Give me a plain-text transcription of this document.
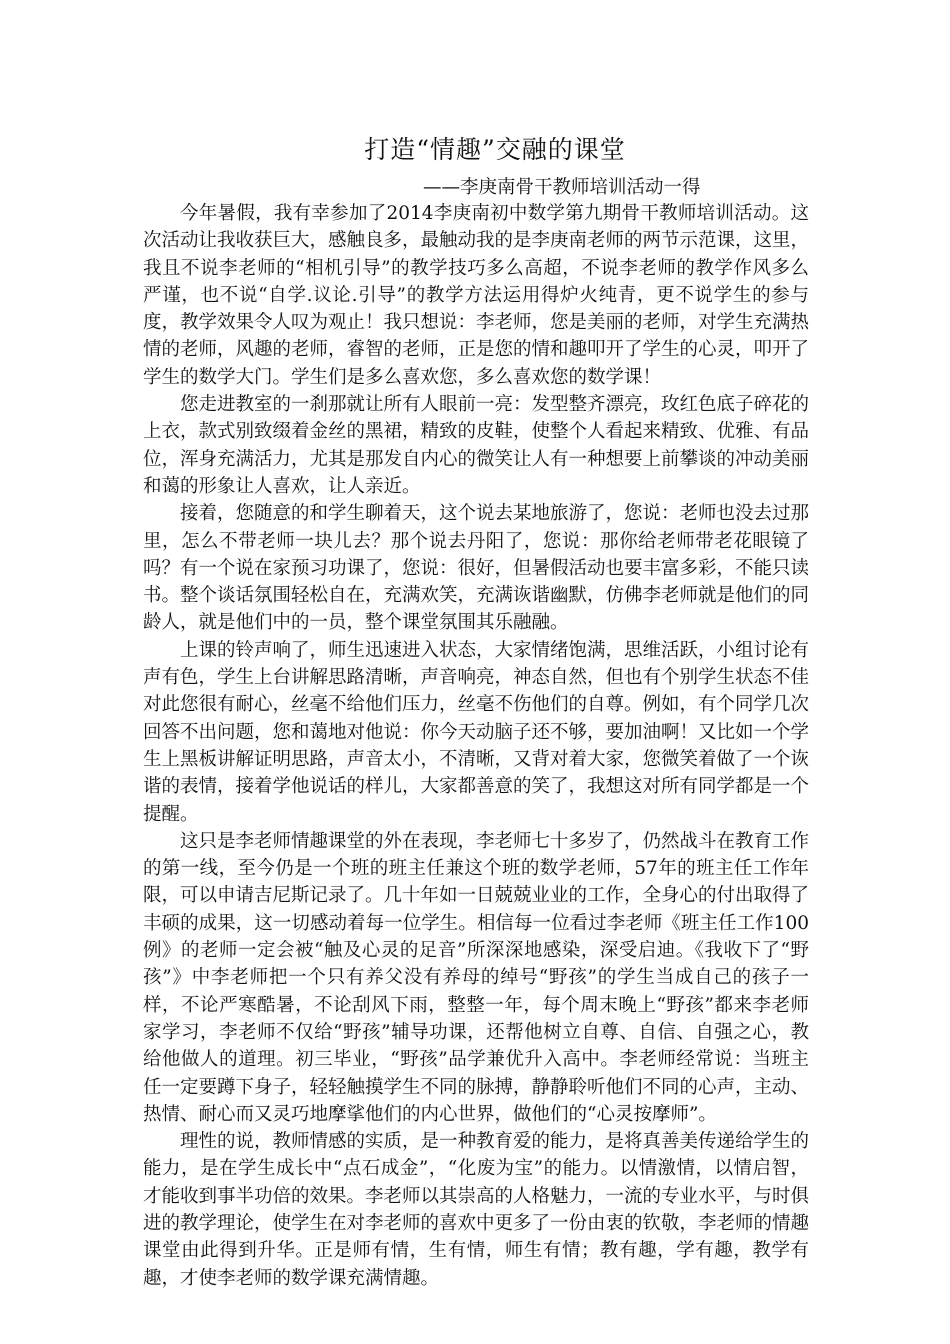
打造“情趣”交融的课堂
——李庚南骨干教师培训活动一得

今年暑假，我有幸参加了2014李庚南初中数学第九期骨干教师培训活动。这次活动让我收获巨大，感触良多，最触动我的是李庚南老师的两节示范课，这里，我且不说李老师的“相机引导”的教学技巧多么高超，不说李老师的教学作风多么严谨，也不说“自学.议论.引导”的教学方法运用得炉火纯青，更不说学生的参与度，教学效果令人叹为观止！我只想说：李老师，您是美丽的老师，对学生充满热情的老师，风趣的老师，睿智的老师，正是您的情和趣叩开了学生的心灵，叩开了学生的数学大门。学生们是多么喜欢您，多么喜欢您的数学课！

您走进教室的一刹那就让所有人眼前一亮：发型整齐漂亮，玫红色底子碎花的上衣，款式别致缀着金丝的黑裙，精致的皮鞋，使整个人看起来精致、优雅、有品位，浑身充满活力，尤其是那发自内心的微笑让人有一种想要上前攀谈的冲动美丽和蔼的形象让人喜欢，让人亲近。

接着，您随意的和学生聊着天，这个说去某地旅游了，您说：老师也没去过那里，怎么不带老师一块儿去？那个说去丹阳了，您说：那你给老师带老花眼镜了吗？有一个说在家预习功课了，您说：很好，但暑假活动也要丰富多彩，不能只读书。整个谈话氛围轻松自在，充满欢笑，充满诙谐幽默，仿佛李老师就是他们的同龄人，就是他们中的一员，整个课堂氛围其乐融融。

上课的铃声响了，师生迅速进入状态，大家情绪饱满，思维活跃，小组讨论有声有色，学生上台讲解思路清晰，声音响亮，神态自然，但也有个别学生状态不佳对此您很有耐心，丝毫不给他们压力，丝毫不伤他们的自尊。例如，有个同学几次回答不出问题，您和蔼地对他说：你今天动脑子还不够，要加油啊！又比如一个学生上黑板讲解证明思路，声音太小，不清晰，又背对着大家，您微笑着做了一个诙谐的表情，接着学他说话的样儿，大家都善意的笑了，我想这对所有同学都是一个提醒。

这只是李老师情趣课堂的外在表现，李老师七十多岁了，仍然战斗在教育工作的第一线，至今仍是一个班的班主任兼这个班的数学老师，57年的班主任工作年限，可以申请吉尼斯记录了。几十年如一日兢兢业业的工作，全身心的付出取得了丰硕的成果，这一切感动着每一位学生。相信每一位看过李老师《班主任工作100例》的老师一定会被“触及心灵的足音”所深深地感染，深受启迪。《我收下了“野孩”》中李老师把一个只有养父没有养母的绰号“野孩”的学生当成自己的孩子一样，不论严寒酷暑，不论刮风下雨，整整一年，每个周末晚上“野孩”都来李老师家学习，李老师不仅给“野孩”辅导功课，还帮他树立自尊、自信、自强之心，教给他做人的道理。初三毕业，“野孩”品学兼优升入高中。李老师经常说：当班主任一定要蹲下身子，轻轻触摸学生不同的脉搏，静静聆听他们不同的心声，主动、热情、耐心而又灵巧地摩挲他们的内心世界，做他们的“心灵按摩师”。

理性的说，教师情感的实质，是一种教育爱的能力，是将真善美传递给学生的能力，是在学生成长中“点石成金”，“化废为宝”的能力。以情激情，以情启智，才能收到事半功倍的效果。李老师以其崇高的人格魅力，一流的专业水平，与时俱进的教学理论，使学生在对李老师的喜欢中更多了一份由衷的钦敬，李老师的情趣课堂由此得到升华。正是师有情，生有情，师生有情；教有趣，学有趣，教学有趣，才使李老师的数学课充满情趣。
